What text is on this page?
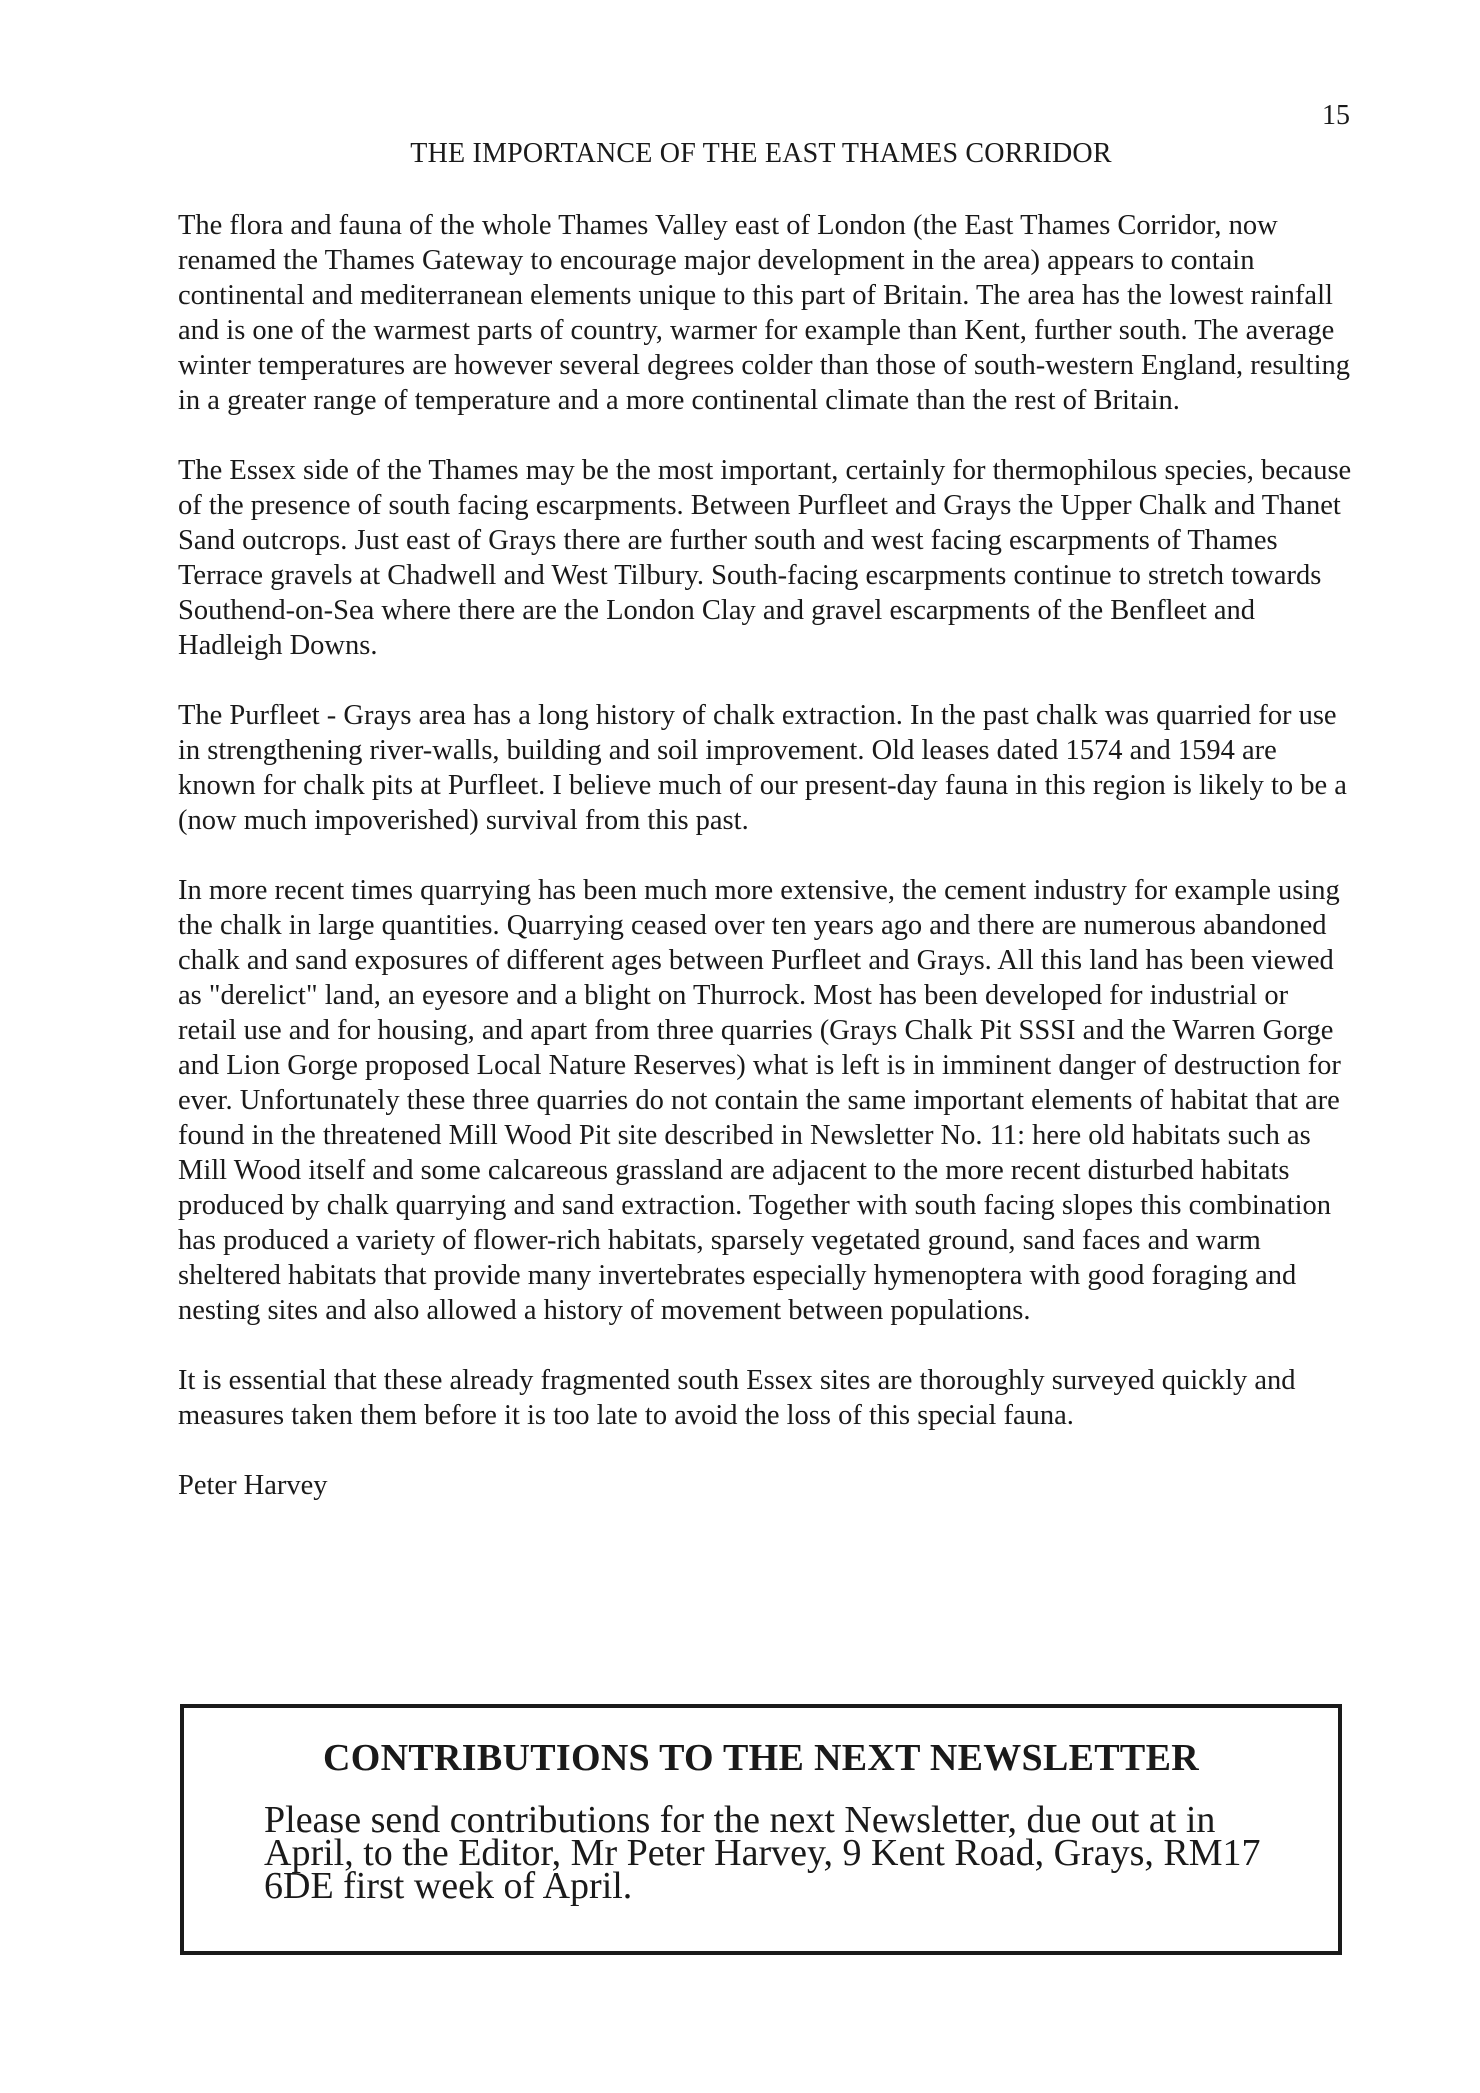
15
THE IMPORTANCE OF THE EAST THAMES CORRIDOR

The flora and fauna of the whole Thames Valley east of London (the East Thames Corridor, now renamed the Thames Gateway to encourage major development in the area) appears to contain continental and mediterranean elements unique to this part of Britain. The area has the lowest rainfall and is one of the warmest parts of country, warmer for example than Kent, further south. The average winter temperatures are however several degrees colder than those of south-western England, resulting in a greater range of temperature and a more continental climate than the rest of Britain.

The Essex side of the Thames may be the most important, certainly for thermophilous species, because of the presence of south facing escarpments. Between Purfleet and Grays the Upper Chalk and Thanet Sand outcrops. Just east of Grays there are further south and west facing escarpments of Thames Terrace gravels at Chadwell and West Tilbury. South-facing escarpments continue to stretch towards Southend-on-Sea where there are the London Clay and gravel escarpments of the Benfleet and Hadleigh Downs.

The Purfleet - Grays area has a long history of chalk extraction. In the past chalk was quarried for use in strengthening river-walls, building and soil improvement. Old leases dated 1574 and 1594 are known for chalk pits at Purfleet. I believe much of our present-day fauna in this region is likely to be a (now much impoverished) survival from this past.

In more recent times quarrying has been much more extensive, the cement industry for example using the chalk in large quantities. Quarrying ceased over ten years ago and there are numerous abandoned chalk and sand exposures of different ages between Purfleet and Grays. All this land has been viewed as "derelict" land, an eyesore and a blight on Thurrock. Most has been developed for industrial or retail use and for housing, and apart from three quarries (Grays Chalk Pit SSSI and the Warren Gorge and Lion Gorge proposed Local Nature Reserves) what is left is in imminent danger of destruction for ever. Unfortunately these three quarries do not contain the same important elements of habitat that are found in the threatened Mill Wood Pit site described in Newsletter No. 11: here old habitats such as Mill Wood itself and some calcareous grassland are adjacent to the more recent disturbed habitats produced by chalk quarrying and sand extraction. Together with south facing slopes this combination has produced a variety of flower-rich habitats, sparsely vegetated ground, sand faces and warm sheltered habitats that provide many invertebrates especially hymenoptera with good foraging and nesting sites and also allowed a history of movement between populations.

It is essential that these already fragmented south Essex sites are thoroughly surveyed quickly and measures taken them before it is too late to avoid the loss of this special fauna.

Peter Harvey

CONTRIBUTIONS TO THE NEXT NEWSLETTER
Please send contributions for the next Newsletter, due out at in April, to the Editor, Mr Peter Harvey, 9 Kent Road, Grays, RM17 6DE first week of April.
